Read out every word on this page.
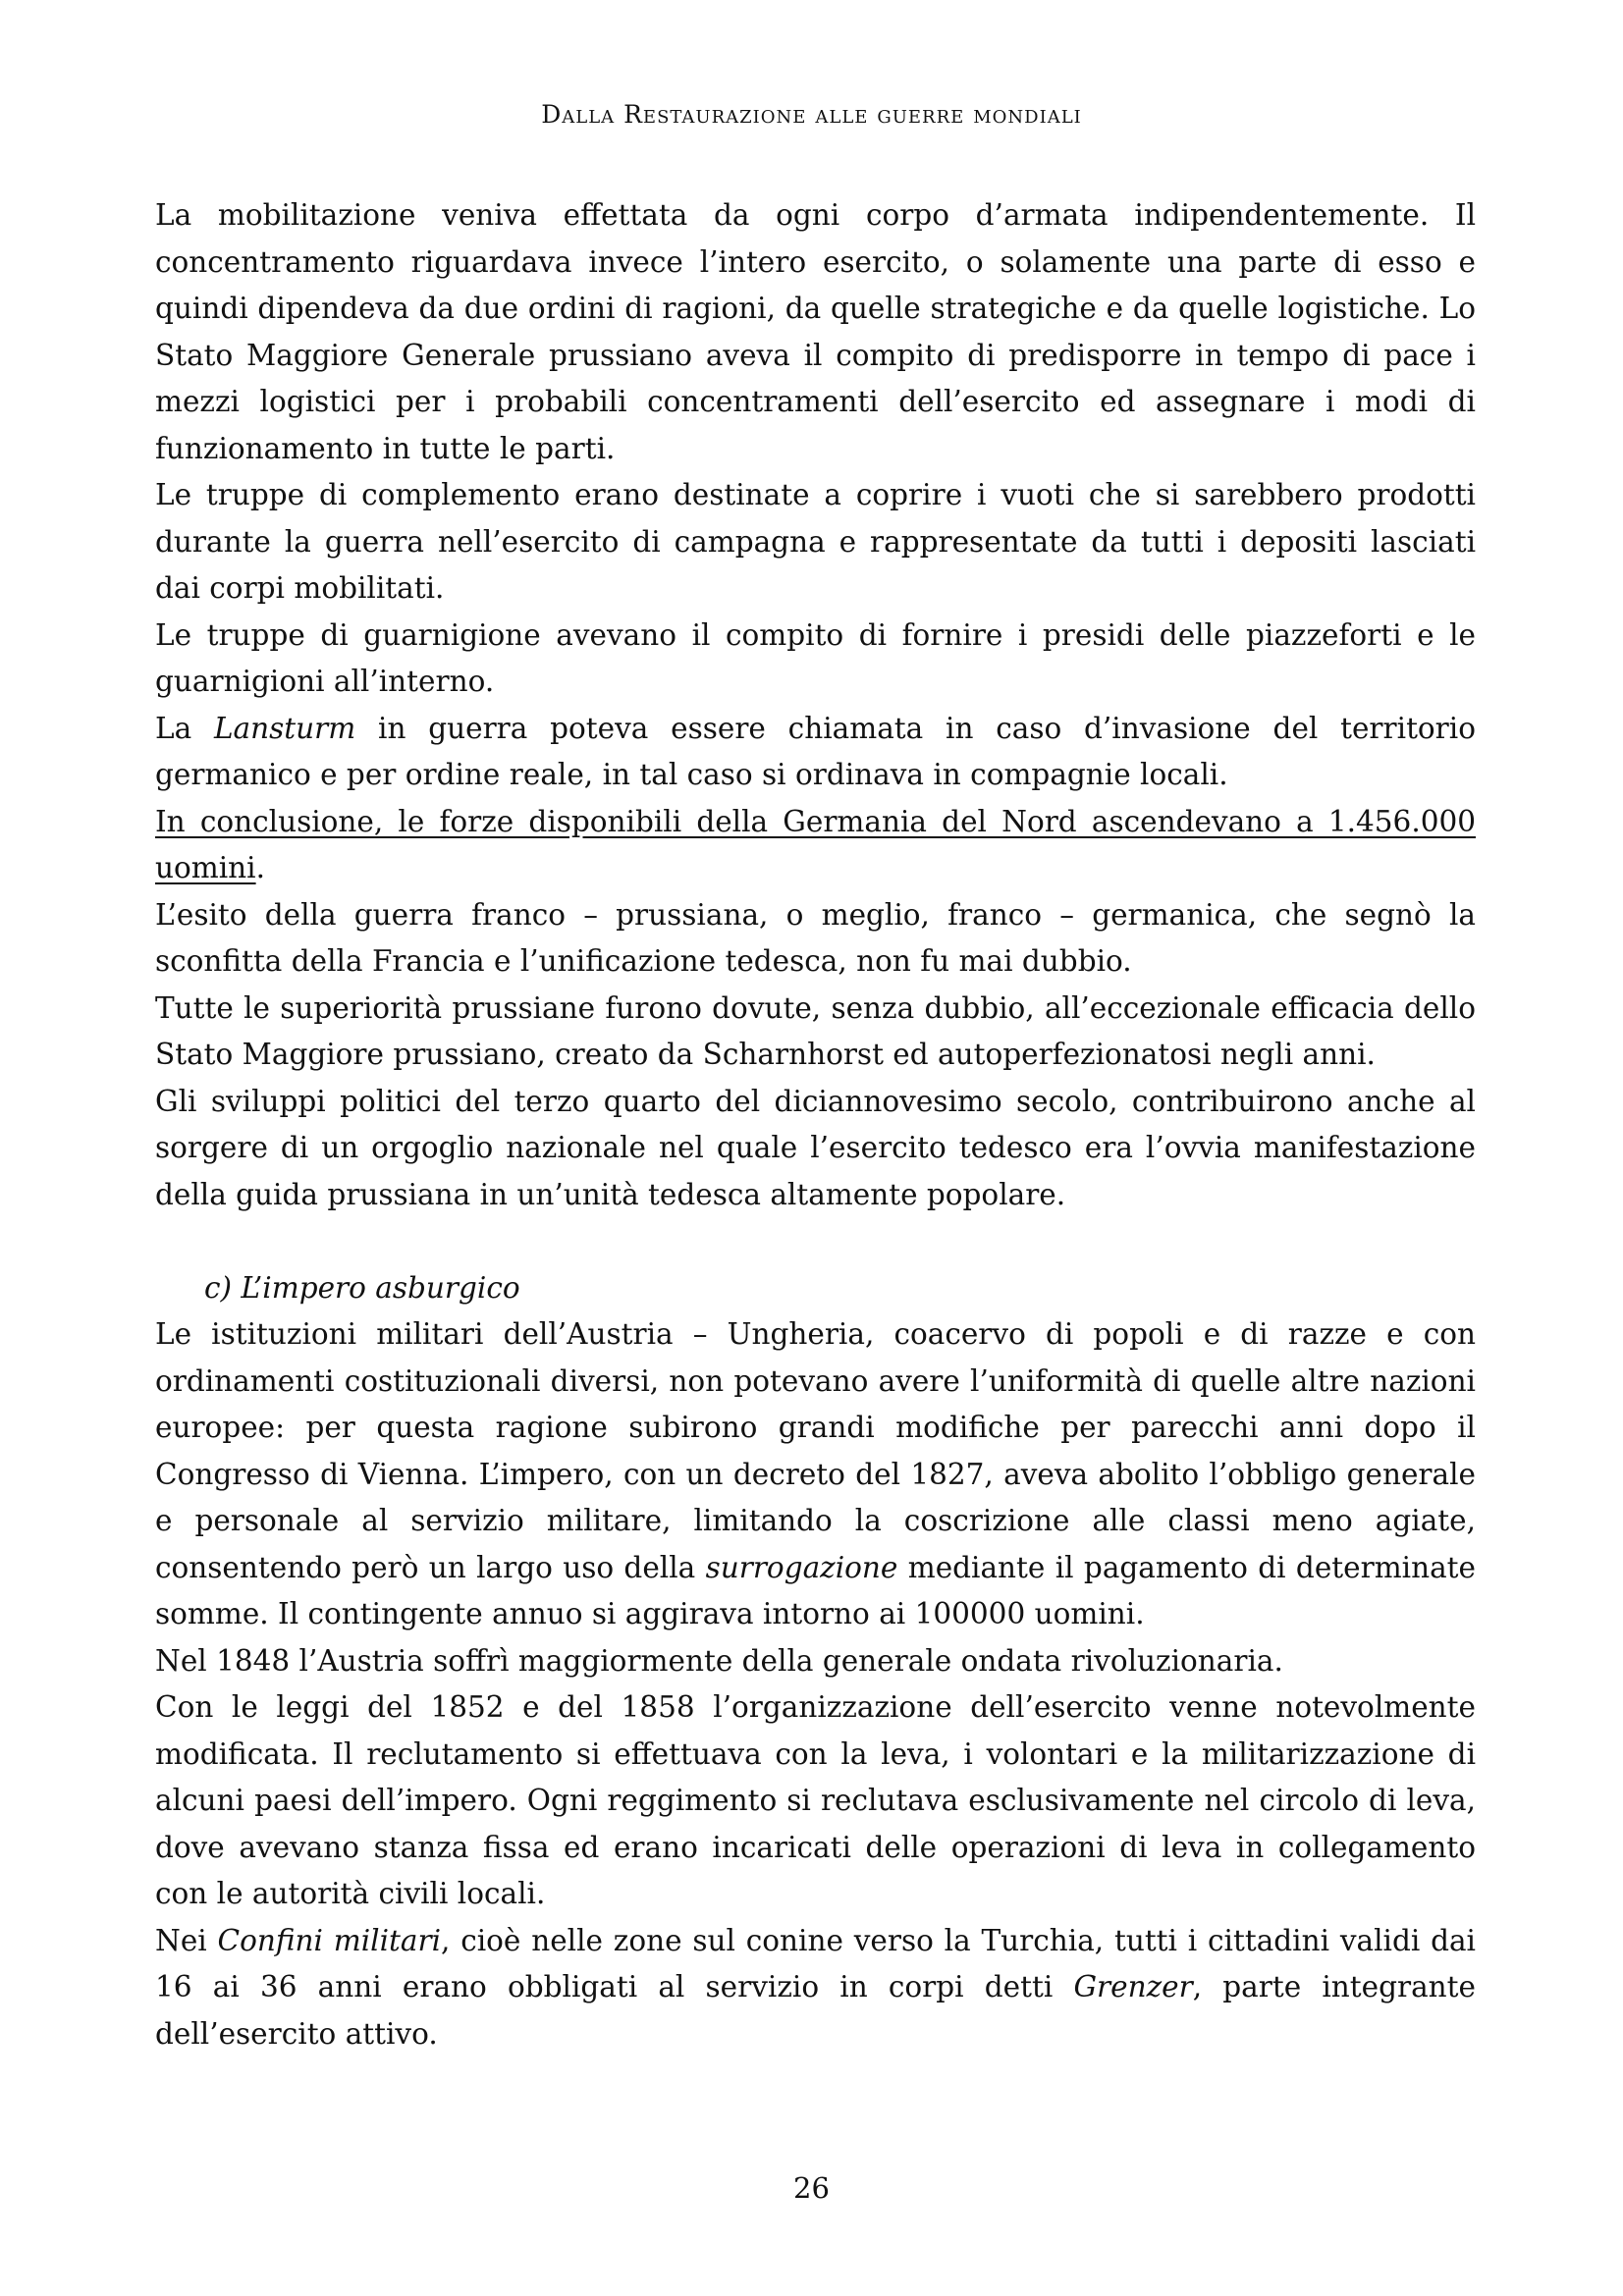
Dalla Restaurazione alle guerre mondiali

La mobilitazione veniva effettata da ogni corpo d’armata indipendentemente. Il concentramento riguardava invece l’intero esercito, o solamente una parte di esso e quindi dipendeva da due ordini di ragioni, da quelle strategiche e da quelle logistiche. Lo Stato Maggiore Generale prussiano aveva il compito di predisporre in tempo di pace i mezzi logistici per i probabili concentramenti dell’esercito ed assegnare i modi di funzionamento in tutte le parti.

Le truppe di complemento erano destinate a coprire i vuoti che si sarebbero prodotti durante la guerra nell’esercito di campagna e rappresentate da tutti i depositi lasciati dai corpi mobilitati.

Le truppe di guarnigione avevano il compito di fornire i presidi delle piazzeforti e le guarnigioni all’interno.

La Lansturm in guerra poteva essere chiamata in caso d’invasione del territorio germanico e per ordine reale, in tal caso si ordinava in compagnie locali.

In conclusione, le forze disponibili della Germania del Nord ascendevano a 1.456.000 uomini.

L’esito della guerra franco – prussiana, o meglio, franco – germanica, che segnò la sconfitta della Francia e l’unificazione tedesca, non fu mai dubbio.

Tutte le superiorità prussiane furono dovute, senza dubbio, all’eccezionale efficacia dello Stato Maggiore prussiano, creato da Scharnhorst ed autoperfezionatosi negli anni.

Gli sviluppi politici del terzo quarto del diciannovesimo secolo, contribuirono anche al sorgere di un orgoglio nazionale nel quale l’esercito tedesco era l’ovvia manifestazione della guida prussiana in un’unità tedesca altamente popolare.

c) L’impero asburgico

Le istituzioni militari dell’Austria – Ungheria, coacervo di popoli e di razze e con ordinamenti costituzionali diversi, non potevano avere l’uniformità di quelle altre nazioni europee: per questa ragione subirono grandi modifiche per parecchi anni dopo il Congresso di Vienna. L’impero, con un decreto del 1827, aveva abolito l’obbligo generale e personale al servizio militare, limitando la coscrizione alle classi meno agiate, consentendo però un largo uso della surrogazione mediante il pagamento di determinate somme. Il contingente annuo si aggirava intorno ai 100000 uomini.

Nel 1848 l’Austria soffrì maggiormente della generale ondata rivoluzionaria.

Con le leggi del 1852 e del 1858 l’organizzazione dell’esercito venne notevolmente modificata. Il reclutamento si effettuava con la leva, i volontari e la militarizzazione di alcuni paesi dell’impero. Ogni reggimento si reclutava esclusivamente nel circolo di leva, dove avevano stanza fissa ed erano incaricati delle operazioni di leva in collegamento con le autorità civili locali.

Nei Confini militari, cioè nelle zone sul conine verso la Turchia, tutti i cittadini validi dai 16 ai 36 anni erano obbligati al servizio in corpi detti Grenzer, parte integrante dell’esercito attivo.

26
